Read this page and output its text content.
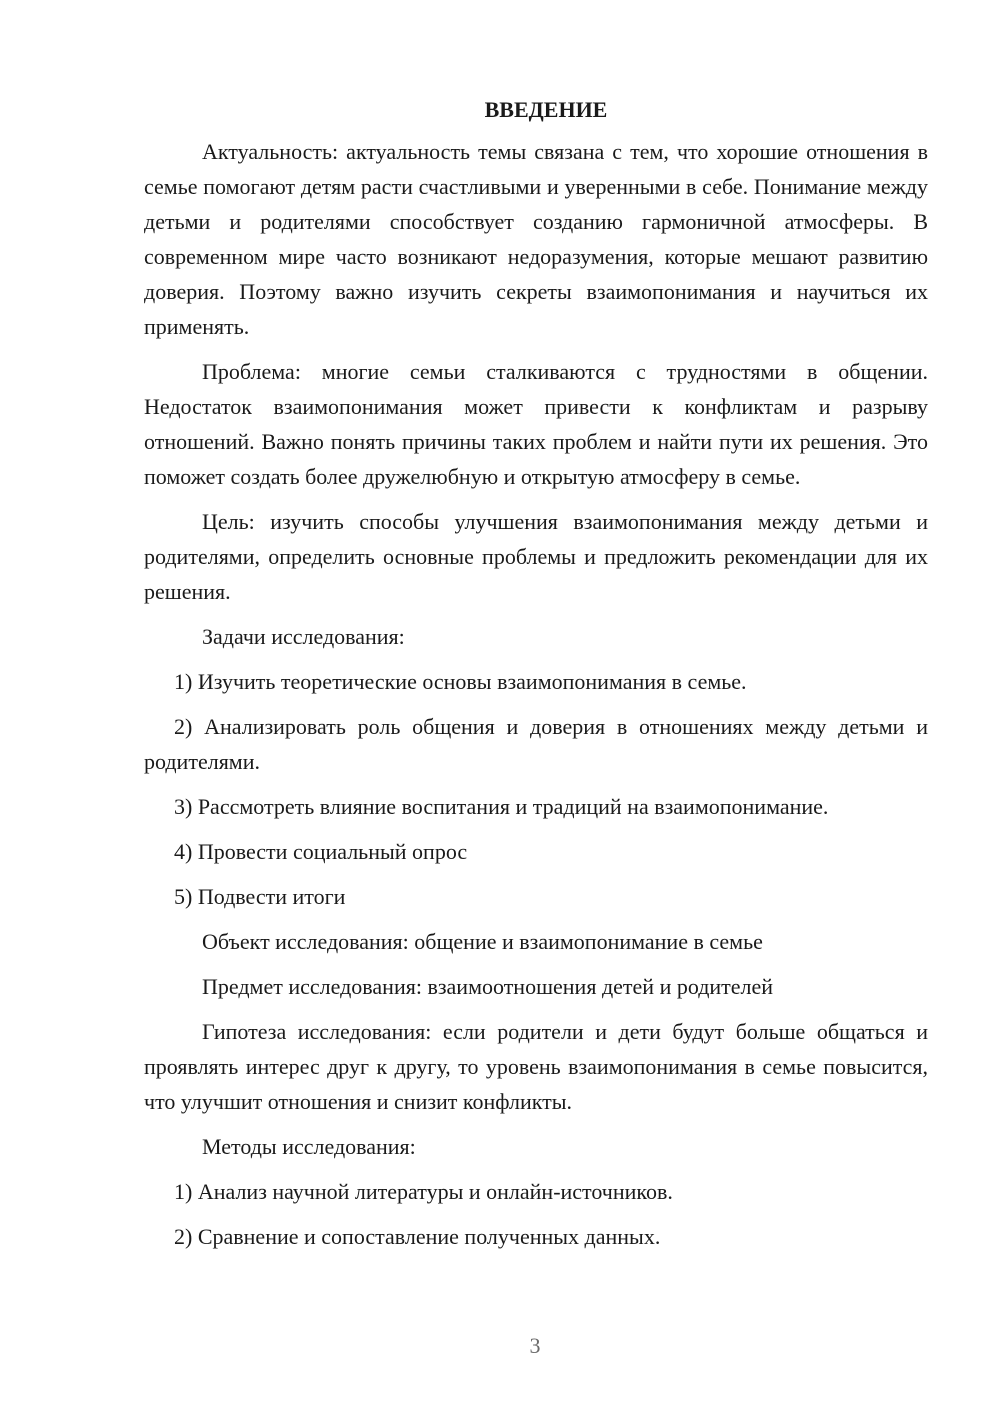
ВВЕДЕНИЕ

Актуальность: актуальность темы связана с тем, что хорошие отношения в семье помогают детям расти счастливыми и уверенными в себе. Понимание между детьми и родителями способствует созданию гармоничной атмосферы. В современном мире часто возникают недоразумения, которые мешают развитию доверия. Поэтому важно изучить секреты взаимопонимания и научиться их применять.

Проблема: многие семьи сталкиваются с трудностями в общении. Недостаток взаимопонимания может привести к конфликтам и разрыву отношений. Важно понять причины таких проблем и найти пути их решения. Это поможет создать более дружелюбную и открытую атмосферу в семье.

Цель: изучить способы улучшения взаимопонимания между детьми и родителями, определить основные проблемы и предложить рекомендации для их решения.

Задачи исследования:

1) Изучить теоретические основы взаимопонимания в семье.

2) Анализировать роль общения и доверия в отношениях между детьми и родителями.

3) Рассмотреть влияние воспитания и традиций на взаимопонимание.

4) Провести социальный опрос

5) Подвести итоги

Объект исследования: общение и взаимопонимание в семье

Предмет исследования: взаимоотношения детей и родителей

Гипотеза исследования: если родители и дети будут больше общаться и проявлять интерес друг к другу, то уровень взаимопонимания в семье повысится, что улучшит отношения и снизит конфликты.

Методы исследования:

1) Анализ научной литературы и онлайн-источников.

2) Сравнение и сопоставление полученных данных.

3
